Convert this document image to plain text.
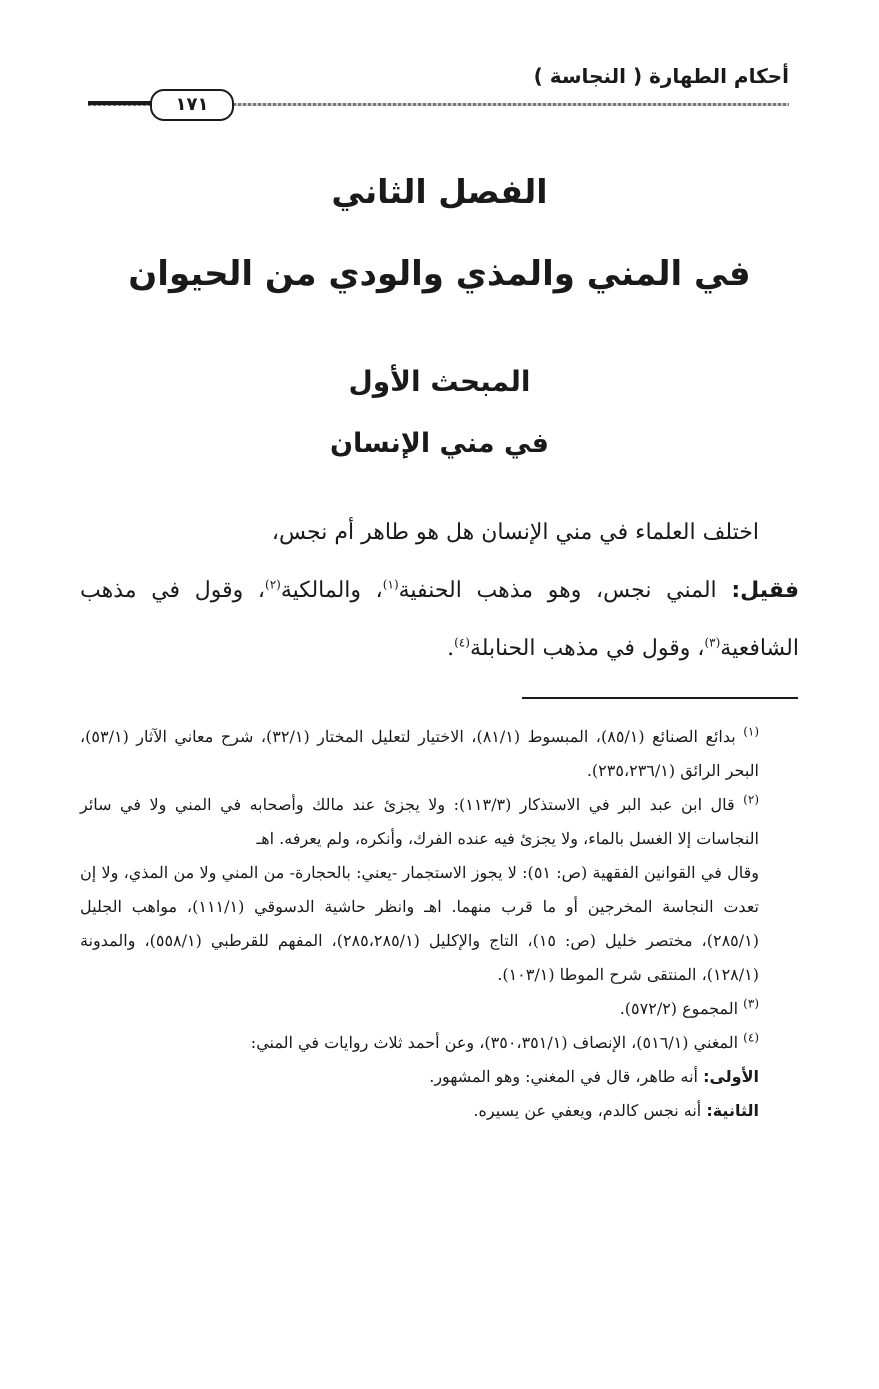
أحكام الطهارة ( النجاسة )
١٧١
الفصل الثاني
في المني والمذي والودي من الحيوان
المبحث الأول
في مني الإنسان

اختلف العلماء في مني الإنسان هل هو طاهر أم نجس،

فقيل: المني نجس، وهو مذهب الحنفية$^{(١)}$، والمالكية$^{(٢)}$، وقول في مذهب الشافعية$^{(٣)}$، وقول في مذهب الحنابلة$^{(٤)}$.

$^{(١)}$ بدائع الصنائع (٨٥/١)، المبسوط (٨١/١)، الاختيار لتعليل المختار (٣٢/١)، شرح معاني الآثار (٥٣/١)، البحر الرائق (٢٣٥،٢٣٦/١).

$^{(٢)}$ قال ابن عبد البر في الاستذكار (١١٣/٣): ولا يجزئ عند مالك وأصحابه في المني ولا في سائر النجاسات إلا الغسل بالماء، ولا يجزئ فيه عنده الفرك، وأنكره، ولم يعرفه. اهـ

وقال في القوانين الفقهية (ص: ٥١): لا يجوز الاستجمار -يعني: بالحجارة- من المني ولا من المذي، ولا إن تعدت النجاسة المخرجين أو ما قرب منهما. اهـ وانظر حاشية الدسوقي (١١١/١)، مواهب الجليل (٢٨٥/١)، مختصر خليل (ص: ١٥)، التاج والإكليل (٢٨٥،٢٨٥/١)، المفهم للقرطبي (٥٥٨/١)، والمدونة (١٢٨/١)، المنتقى شرح الموطا (١٠٣/١).

$^{(٣)}$ المجموع (٥٧٢/٢).

$^{(٤)}$ المغني (٥١٦/١)، الإنصاف (٣٥٠،٣٥١/١)، وعن أحمد ثلاث روايات في المني:

الأولى: أنه طاهر، قال في المغني: وهو المشهور.

الثانية: أنه نجس كالدم، ويعفي عن يسيره.
